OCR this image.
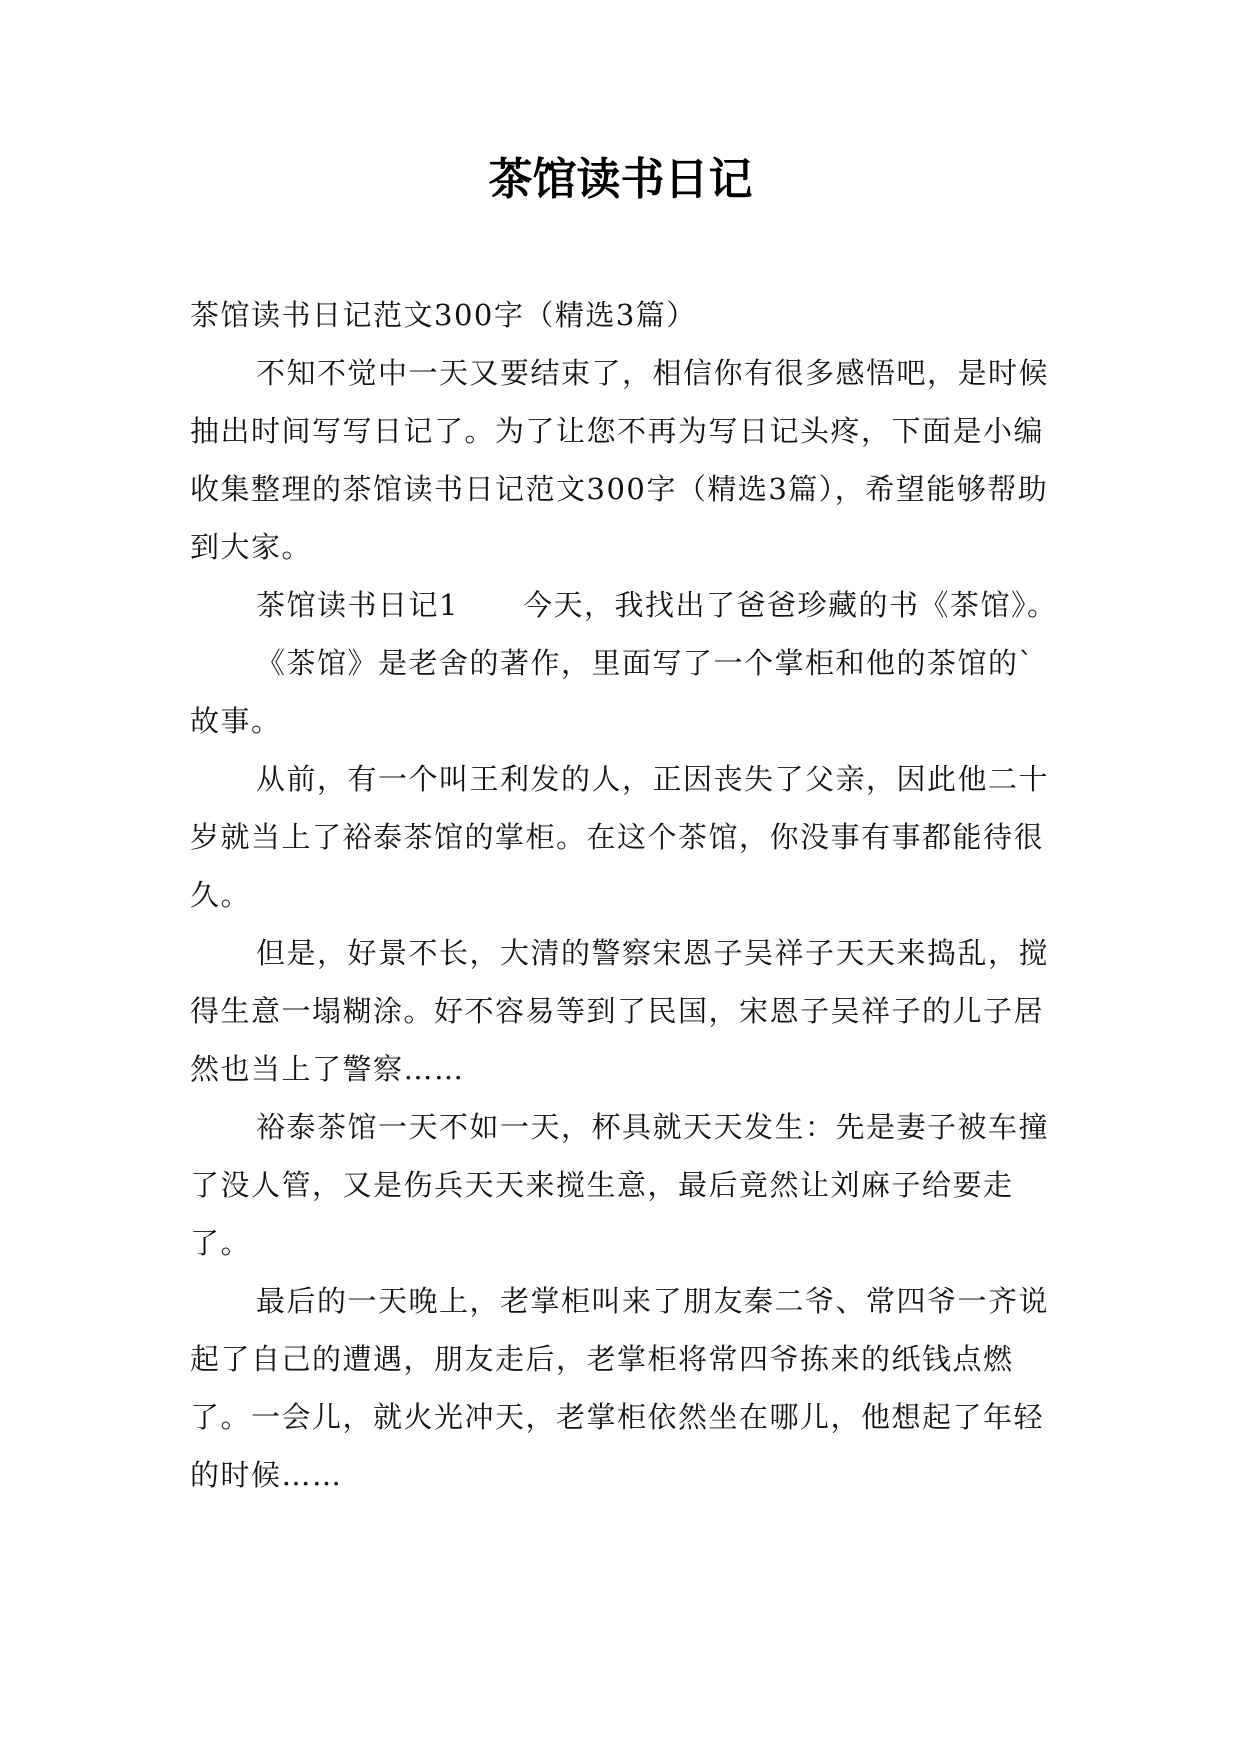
茶馆读书日记

茶馆读书日记范文300字（精选3篇）

不知不觉中一天又要结束了，相信你有很多感悟吧，是时候抽出时间写写日记了。为了让您不再为写日记头疼，下面是小编收集整理的茶馆读书日记范文300字（精选3篇），希望能够帮助到大家。

茶馆读书日记1 今天，我找出了爸爸珍藏的书《茶馆》。

《茶馆》是老舍的著作，里面写了一个掌柜和他的茶馆的`故事。

从前，有一个叫王利发的人，正因丧失了父亲，因此他二十岁就当上了裕泰茶馆的掌柜。在这个茶馆，你没事有事都能待很久。

但是，好景不长，大清的警察宋恩子吴祥子天天来捣乱，搅得生意一塌糊涂。好不容易等到了民国，宋恩子吴祥子的儿子居然也当上了警察……

裕泰茶馆一天不如一天，杯具就天天发生：先是妻子被车撞了没人管，又是伤兵天天来搅生意，最后竟然让刘麻子给要走了。

最后的一天晚上，老掌柜叫来了朋友秦二爷、常四爷一齐说起了自己的遭遇，朋友走后，老掌柜将常四爷拣来的纸钱点燃了。一会儿，就火光冲天，老掌柜依然坐在哪儿，他想起了年轻的时候……
